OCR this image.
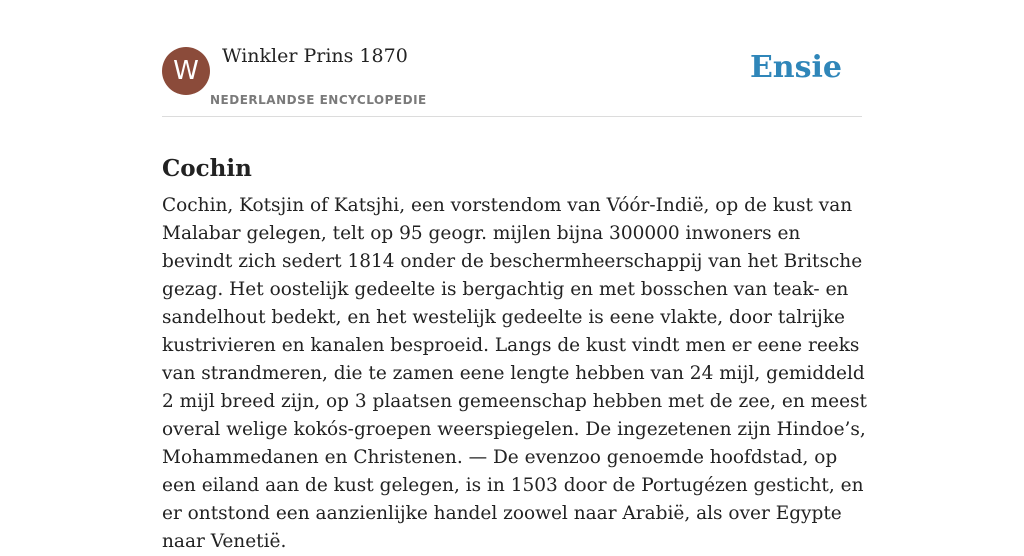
W	Winkler Prins 1870
NEDERLANDSE ENCYCLOPEDIE
Ensie
Cochin

Cochin, Kotsjin of Katsjhi, een vorstendom van Vóór-Indië, op de kust van Malabar gelegen, telt op 95 geogr. mijlen bijna 300000 inwoners en bevindt zich sedert 1814 onder de beschermheerschappij van het Britsche gezag. Het oostelijk gedeelte is bergachtig en met bosschen van teak- en sandelhout bedekt, en het westelijk gedeelte is eene vlakte, door talrijke kustrivieren en kanalen besproeid. Langs de kust vindt men er eene reeks van strandmeren, die te zamen eene lengte hebben van 24 mijl, gemiddeld 2 mijl breed zijn, op 3 plaatsen gemeenschap hebben met de zee, en meest overal welige kokós-groepen weerspiegelen. De ingezetenen zijn Hindoe’s, Mohammedanen en Christenen. — De evenzoo genoemde hoofdstad, op een eiland aan de kust gelegen, is in 1503 door de Portugézen gesticht, en er ontstond een aanzienlijke handel zoowel naar Arabië, als over Egypte naar Venetië.
